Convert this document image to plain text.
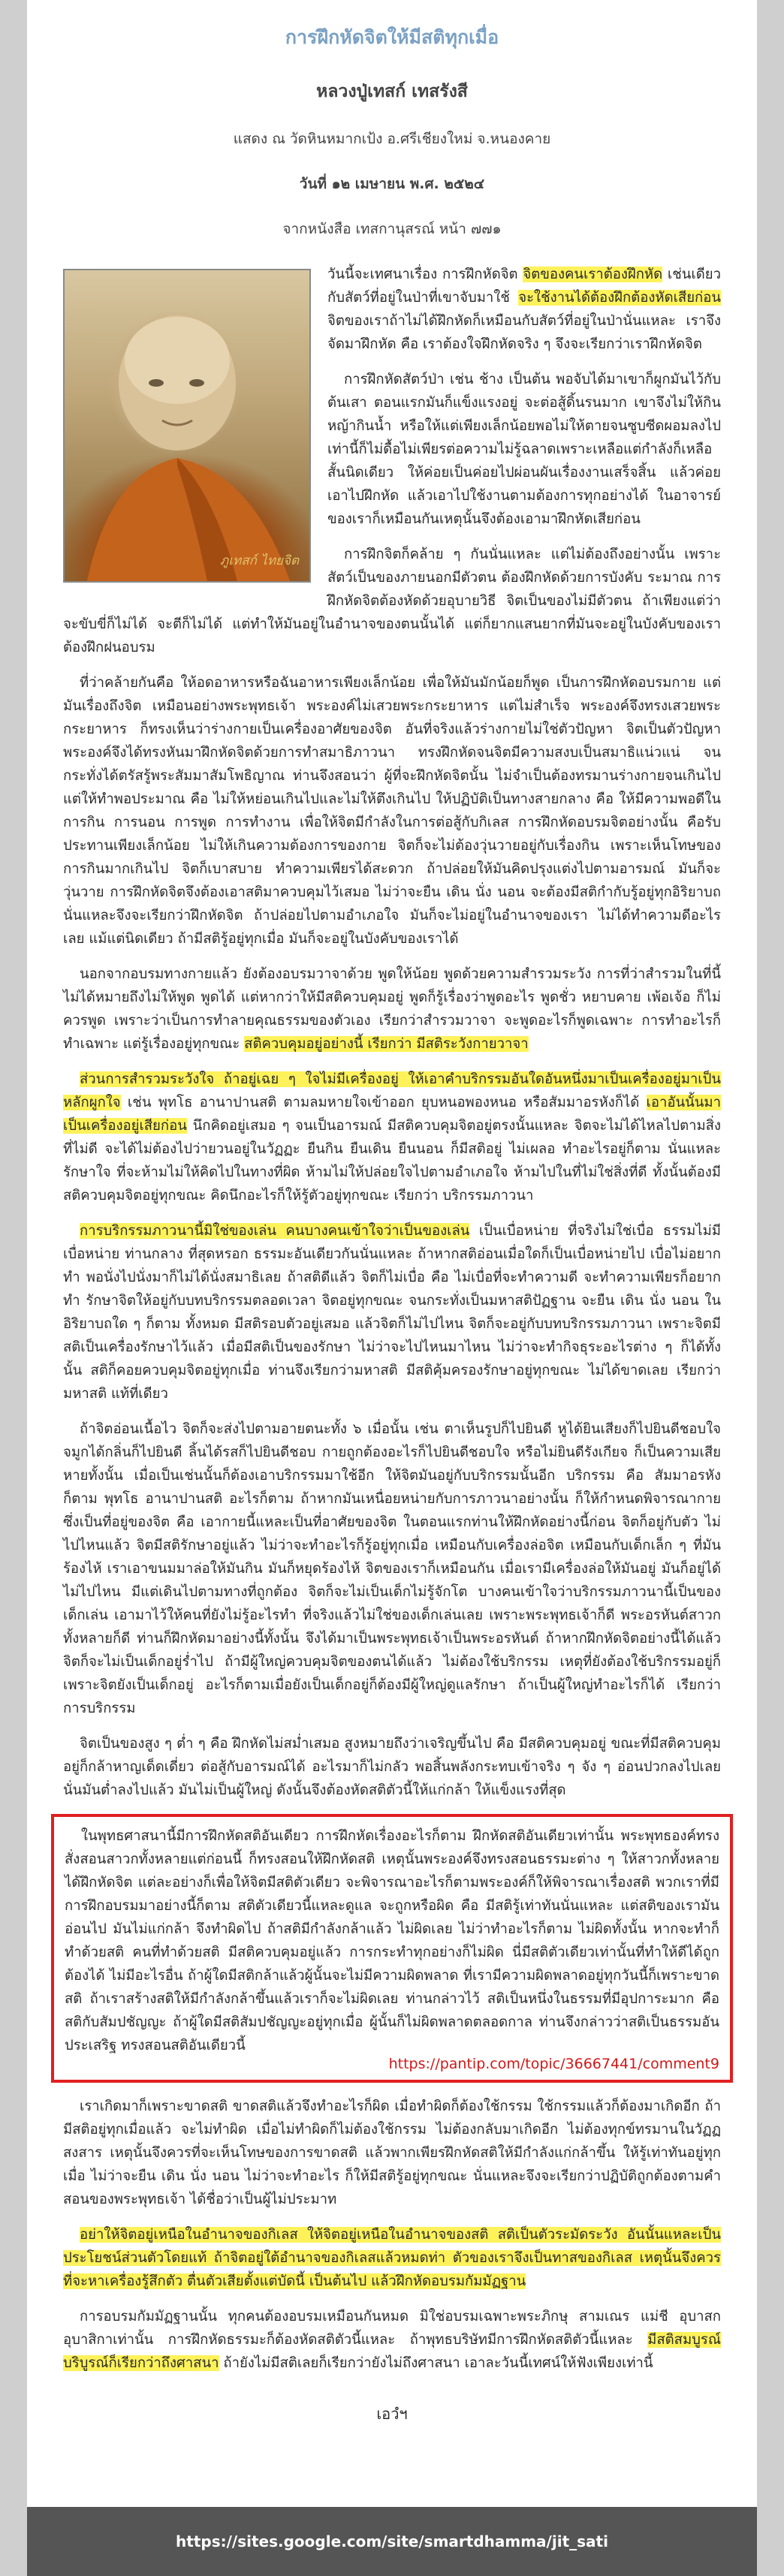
การฝึกหัดจิตให้มีสติทุกเมื่อ
หลวงปู่เทสก์ เทสรังสี
แสดง ณ วัดหินหมากเป้ง อ.ศรีเชียงใหม่ จ.หนองคาย
วันที่ ๑๒ เมษายน พ.ศ. ๒๕๒๔
จากหนังสือ เทสกานุสรณ์ หน้า ๗๗๑
ภูเทสก์ ไทยจิต

วันนี้จะเทศนาเรื่อง การฝึกหัดจิต จิตของคนเราต้องฝึกหัด เช่นเดียวกับสัตว์ที่อยู่ในป่าที่เขาจับมาใช้ จะใช้งานได้ต้องฝึกต้องหัดเสียก่อน จิตของเราถ้าไม่ได้ฝึกหัดก็เหมือนกับสัตว์ที่อยู่ในป่านั่นแหละ เราจึงจัดมาฝึกหัด คือ เราต้องใจฝึกหัดจริง ๆ จึงจะเรียกว่าเราฝึกหัดจิต

การฝึกหัดสัตว์ป่า เช่น ช้าง เป็นต้น พอจับได้มาเขาก็ผูกมันไว้กับต้นเสา ตอนแรกมันก็แข็งแรงอยู่ จะต่อสู้ดิ้นรนมาก เขาจึงไม่ให้กินหญ้ากินน้ำ หรือให้แต่เพียงเล็กน้อยพอไม่ให้ตายจนซูบซีดผอมลงไป เท่านี้ก็ไม่ดื้อไม่เพียรต่อความไม่รู้ฉลาดเพราะเหลือแต่กำลังก็เหลือสั้นนิดเดียว ให้ค่อยเป็นค่อยไปผ่อนผันเรื่องงานเสร็จสิ้น แล้วค่อยเอาไปฝึกหัด แล้วเอาไปใช้งานตามต้องการทุกอย่างได้ ในอาจารย์ของเราก็เหมือนกันเหตุนั้นจึงต้องเอามาฝึกหัดเสียก่อน

การฝึกจิตก็คล้าย ๆ กันนั่นแหละ แต่ไม่ต้องถึงอย่างนั้น เพราะสัตว์เป็นของภายนอกมีตัวตน ต้องฝึกหัดด้วยการบังคับ ระมาณ การฝึกหัดจิตต้องหัดด้วยอุบายวิธี จิตเป็นของไม่มีตัวตน ถ้าเพียงแต่ว่าจะขับขี่ก็ไม่ได้ จะตีก็ไม่ได้ แต่ทำให้มันอยู่ในอำนาจของตนนั้นได้ แต่ก็ยากแสนยากที่มันจะอยู่ในบังคับของเรา ต้องฝึกฝนอบรม

ที่ว่าคล้ายกันคือ ให้อดอาหารหรือฉันอาหารเพียงเล็กน้อย เพื่อให้มันมักน้อยก็พูด เป็นการฝึกหัดอบรมกาย แต่มันเรื่องถึงจิต เหมือนอย่างพระพุทธเจ้า พระองค์ไม่เสวยพระกระยาหาร แต่ไม่สำเร็จ พระองค์จึงทรงเสวยพระกระยาหาร ก็ทรงเห็นว่าร่างกายเป็นเครื่องอาศัยของจิต อันที่จริงแล้วร่างกายไม่ใช่ตัวปัญหา จิตเป็นตัวปัญหา พระองค์จึงได้ทรงหันมาฝึกหัดจิตด้วยการทำสมาธิภาวนา ทรงฝึกหัดจนจิตมีความสงบเป็นสมาธิแน่วแน่ จนกระทั่งได้ตรัสรู้พระสัมมาสัมโพธิญาณ ท่านจึงสอนว่า ผู้ที่จะฝึกหัดจิตนั้น ไม่จำเป็นต้องทรมานร่างกายจนเกินไป แต่ให้ทำพอประมาณ คือ ไม่ให้หย่อนเกินไปและไม่ให้ตึงเกินไป ให้ปฏิบัติเป็นทางสายกลาง คือ ให้มีความพอดีในการกิน การนอน การพูด การทำงาน เพื่อให้จิตมีกำลังในการต่อสู้กับกิเลส การฝึกหัดอบรมจิตอย่างนั้น คือรับประทานเพียงเล็กน้อย ไม่ให้เกินความต้องการของกาย จิตก็จะไม่ต้องวุ่นวายอยู่กับเรื่องกิน เพราะเห็นโทษของการกินมากเกินไป จิตก็เบาสบาย ทำความเพียรได้สะดวก ถ้าปล่อยให้มันคิดปรุงแต่งไปตามอารมณ์ มันก็จะวุ่นวาย การฝึกหัดจิตจึงต้องเอาสติมาควบคุมไว้เสมอ ไม่ว่าจะยืน เดิน นั่ง นอน จะต้องมีสติกำกับรู้อยู่ทุกอิริยาบถ นั่นแหละจึงจะเรียกว่าฝึกหัดจิต ถ้าปล่อยไปตามอำเภอใจ มันก็จะไม่อยู่ในอำนาจของเรา ไม่ได้ทำความดีอะไรเลย แม้แต่นิดเดียว ถ้ามีสติรู้อยู่ทุกเมื่อ มันก็จะอยู่ในบังคับของเราได้

นอกจากอบรมทางกายแล้ว ยังต้องอบรมวาจาด้วย พูดให้น้อย พูดด้วยความสำรวมระวัง การที่ว่าสำรวมในที่นี้ไม่ได้หมายถึงไม่ให้พูด พูดได้ แต่หากว่าให้มีสติควบคุมอยู่ พูดก็รู้เรื่องว่าพูดอะไร พูดชั่ว หยาบคาย เพ้อเจ้อ ก็ไม่ควรพูด เพราะว่าเป็นการทำลายคุณธรรมของตัวเอง เรียกว่าสำรวมวาจา จะพูดอะไรก็พูดเฉพาะ การทำอะไรก็ทำเฉพาะ แต่รู้เรื่องอยู่ทุกขณะ สติควบคุมอยู่อย่างนี้ เรียกว่า มีสติระวังกายวาจา

ส่วนการสำรวมระวังใจ ถ้าอยู่เฉย ๆ ใจไม่มีเครื่องอยู่ ให้เอาคำบริกรรมอันใดอันหนึ่งมาเป็นเครื่องอยู่มาเป็นหลักผูกใจ เช่น พุทโธ อานาปานสติ ตามลมหายใจเข้าออก ยุบหนอพองหนอ หรือสัมมาอรหังก็ได้ เอาอันนั้นมาเป็นเครื่องอยู่เสียก่อน นึกคิดอยู่เสมอ ๆ จนเป็นอารมณ์ มีสติควบคุมจิตอยู่ตรงนั้นแหละ จิตจะไม่ได้ไหลไปตามสิ่งที่ไม่ดี จะได้ไม่ต้องไปว่ายวนอยู่ในวัฏฏะ ยืนกิน ยืนเดิน ยืนนอน ก็มีสติอยู่ ไม่เผลอ ทำอะไรอยู่ก็ตาม นั่นแหละรักษาใจ ที่จะห้ามไม่ให้คิดไปในทางที่ผิด ห้ามไม่ให้ปล่อยใจไปตามอำเภอใจ ห้ามไปในที่ไม่ใช่สิ่งที่ดี ทั้งนั้นต้องมีสติควบคุมจิตอยู่ทุกขณะ คิดนึกอะไรก็ให้รู้ตัวอยู่ทุกขณะ เรียกว่า บริกรรมภาวนา

การบริกรรมภาวนานี้มิใช่ของเล่น คนบางคนเข้าใจว่าเป็นของเล่น เป็นเบื่อหน่าย ที่จริงไม่ใช่เบื่อ ธรรมไม่มีเบื่อหน่าย ท่านกลาง ที่สุดหรอก ธรรมะอันเดียวกันนั่นแหละ ถ้าหากสติอ่อนเมื่อใดก็เป็นเบื่อหน่ายไป เบื่อไม่อยากทำ พอนั่งไปนั่งมาก็ไม่ได้นั่งสมาธิเลย ถ้าสติดีแล้ว จิตก็ไม่เบื่อ คือ ไม่เบื่อที่จะทำความดี จะทำความเพียรก็อยากทำ รักษาจิตให้อยู่กับบทบริกรรมตลอดเวลา จิตอยู่ทุกขณะ จนกระทั่งเป็นมหาสติปัฏฐาน จะยืน เดิน นั่ง นอน ในอิริยาบถใด ๆ ก็ตาม ทั้งหมด มีสติรอบตัวอยู่เสมอ แล้วจิตก็ไม่ไปไหน จิตก็จะอยู่กับบทบริกรรมภาวนา เพราะจิตมีสติเป็นเครื่องรักษาไว้แล้ว เมื่อมีสติเป็นของรักษา ไม่ว่าจะไปไหนมาไหน ไม่ว่าจะทำกิจธุระอะไรต่าง ๆ ก็ได้ทั้งนั้น สติก็คอยควบคุมจิตอยู่ทุกเมื่อ ท่านจึงเรียกว่ามหาสติ มีสติคุ้มครองรักษาอยู่ทุกขณะ ไม่ได้ขาดเลย เรียกว่ามหาสติ แท้ที่เดียว

ถ้าจิตอ่อนเนื้อไว จิตก็จะส่งไปตามอายตนะทั้ง ๖ เมื่อนั้น เช่น ตาเห็นรูปก็ไปยินดี หูได้ยินเสียงก็ไปยินดีชอบใจ จมูกได้กลิ่นก็ไปยินดี ลิ้นได้รสก็ไปยินดีชอบ กายถูกต้องอะไรก็ไปยินดีชอบใจ หรือไม่ยินดีรังเกียจ ก็เป็นความเสียหายทั้งนั้น เมื่อเป็นเช่นนั้นก็ต้องเอาบริกรรมมาใช้อีก ให้จิตมันอยู่กับบริกรรมนั้นอีก บริกรรม คือ สัมมาอรหังก็ตาม พุทโธ อานาปานสติ อะไรก็ตาม ถ้าหากมันเหนื่อยหน่ายกับการภาวนาอย่างนั้น ก็ให้กำหนดพิจารณากาย ซึ่งเป็นที่อยู่ของจิต คือ เอากายนี้แหละเป็นที่อาศัยของจิต ในตอนแรกท่านให้ฝึกหัดอย่างนี้ก่อน จิตก็อยู่กับตัว ไม่ไปไหนแล้ว จิตมีสติรักษาอยู่แล้ว ไม่ว่าจะทำอะไรก็รู้อยู่ทุกเมื่อ เหมือนกับเครื่องล่อจิต เหมือนกับเด็กเล็ก ๆ ที่มันร้องไห้ เราเอาขนมมาล่อให้มันกิน มันก็หยุดร้องไห้ จิตของเราก็เหมือนกัน เมื่อเรามีเครื่องล่อให้มันอยู่ มันก็อยู่ได้ ไม่ไปไหน มีแต่เดินไปตามทางที่ถูกต้อง จิตก็จะไม่เป็นเด็กไม่รู้จักโต บางคนเข้าใจว่าบริกรรมภาวนานี้เป็นของเด็กเล่น เอามาไว้ให้คนที่ยังไม่รู้อะไรทำ ที่จริงแล้วไม่ใช่ของเด็กเล่นเลย เพราะพระพุทธเจ้าก็ดี พระอรหันต์สาวกทั้งหลายก็ดี ท่านก็ฝึกหัดมาอย่างนี้ทั้งนั้น จึงได้มาเป็นพระพุทธเจ้าเป็นพระอรหันต์ ถ้าหากฝึกหัดจิตอย่างนี้ได้แล้ว จิตก็จะไม่เป็นเด็กอยู่ร่ำไป ถ้ามีผู้ใหญ่ควบคุมจิตของตนได้แล้ว ไม่ต้องใช้บริกรรม เหตุที่ยังต้องใช้บริกรรมอยู่ก็เพราะจิตยังเป็นเด็กอยู่ อะไรก็ตามเมื่อยังเป็นเด็กอยู่ก็ต้องมีผู้ใหญ่ดูแลรักษา ถ้าเป็นผู้ใหญ่ทำอะไรก็ได้ เรียกว่า การบริกรรม

จิตเป็นของสูง ๆ ต่ำ ๆ คือ ฝึกหัดไม่สม่ำเสมอ สูงหมายถึงว่าเจริญขึ้นไป คือ มีสติควบคุมอยู่ ขณะที่มีสติควบคุมอยู่ก็กล้าหาญเด็ดเดี่ยว ต่อสู้กับอารมณ์ได้ อะไรมาก็ไม่กลัว พอสิ้นพลังกระทบเข้าจริง ๆ จัง ๆ อ่อนปวกลงไปเลย นั่นมันต่ำลงไปแล้ว มันไม่เป็นผู้ใหญ่ ดังนั้นจึงต้องหัดสติตัวนี้ให้แก่กล้า ให้แข็งแรงที่สุด

ในพุทธศาสนานี้มีการฝึกหัดสติอันเดียว การฝึกหัดเรื่องอะไรก็ตาม ฝึกหัดสติอันเดียวเท่านั้น พระพุทธองค์ทรงสั่งสอนสาวกทั้งหลายแต่ก่อนนี้ ก็ทรงสอนให้ฝึกหัดสติ เหตุนั้นพระองค์จึงทรงสอนธรรมะต่าง ๆ ให้สาวกทั้งหลายได้ฝึกหัดจิต แต่ละอย่างก็เพื่อให้จิตมีสติตัวเดียว จะพิจารณาอะไรก็ตามพระองค์ก็ให้พิจารณาเรื่องสติ พวกเราที่มีการฝึกอบรมมาอย่างนี้ก็ตาม สติตัวเดียวนี้แหละดูแล จะถูกหรือผิด คือ มีสติรู้เท่าทันนั่นแหละ แต่สติของเรามันอ่อนไป มันไม่แก่กล้า จึงทำผิดไป ถ้าสติมีกำลังกล้าแล้ว ไม่ผิดเลย ไม่ว่าทำอะไรก็ตาม ไม่ผิดทั้งนั้น หากจะทำก็ทำด้วยสติ คนที่ทำด้วยสติ มีสติควบคุมอยู่แล้ว การกระทำทุกอย่างก็ไม่ผิด นี่มีสติตัวเดียวเท่านั้นที่ทำให้ดีได้ถูกต้องได้ ไม่มีอะไรอื่น ถ้าผู้ใดมีสติกล้าแล้วผู้นั้นจะไม่มีความผิดพลาด ที่เรามีความผิดพลาดอยู่ทุกวันนี้ก็เพราะขาดสติ ถ้าเราสร้างสติให้มีกำลังกล้าขึ้นแล้วเราก็จะไม่ผิดเลย ท่านกล่าวไว้ สติเป็นหนึ่งในธรรมที่มีอุปการะมาก คือ สติกับสัมปชัญญะ ถ้าผู้ใดมีสติสัมปชัญญะอยู่ทุกเมื่อ ผู้นั้นก็ไม่ผิดพลาดตลอดกาล ท่านจึงกล่าวว่าสติเป็นธรรมอันประเสริฐ ทรงสอนสติอันเดียวนี้

https://pantip.com/topic/36667441/comment9

เราเกิดมาก็เพราะขาดสติ ขาดสติแล้วจึงทำอะไรก็ผิด เมื่อทำผิดก็ต้องใช้กรรม ใช้กรรมแล้วก็ต้องมาเกิดอีก ถ้ามีสติอยู่ทุกเมื่อแล้ว จะไม่ทำผิด เมื่อไม่ทำผิดก็ไม่ต้องใช้กรรม ไม่ต้องกลับมาเกิดอีก ไม่ต้องทุกข์ทรมานในวัฏฏสงสาร เหตุนั้นจึงควรที่จะเห็นโทษของการขาดสติ แล้วพากเพียรฝึกหัดสติให้มีกำลังแก่กล้าขึ้น ให้รู้เท่าทันอยู่ทุกเมื่อ ไม่ว่าจะยืน เดิน นั่ง นอน ไม่ว่าจะทำอะไร ก็ให้มีสติรู้อยู่ทุกขณะ นั่นแหละจึงจะเรียกว่าปฏิบัติถูกต้องตามคำสอนของพระพุทธเจ้า ได้ชื่อว่าเป็นผู้ไม่ประมาท

อย่าให้จิตอยู่เหนือในอำนาจของกิเลส ให้จิตอยู่เหนือในอำนาจของสติ สติเป็นตัวระมัดระวัง อันนั้นแหละเป็นประโยชน์ส่วนตัวโดยแท้ ถ้าจิตอยู่ใต้อำนาจของกิเลสแล้วหมดท่า ตัวของเราจึงเป็นทาสของกิเลส เหตุนั้นจึงควรที่จะหาเครื่องรู้สึกตัว ตื่นตัวเสียตั้งแต่บัดนี้ เป็นต้นไป แล้วฝึกหัดอบรมกัมมัฏฐาน

การอบรมกัมมัฏฐานนั้น ทุกคนต้องอบรมเหมือนกันหมด มิใช่อบรมเฉพาะพระภิกษุ สามเณร แม่ชี อุบาสกอุบาสิกาเท่านั้น การฝึกหัดธรรมะก็ต้องหัดสติตัวนี้แหละ ถ้าพุทธบริษัทมีการฝึกหัดสติตัวนี้แหละ มีสติสมบูรณ์บริบูรณ์ก็เรียกว่าถึงศาสนา ถ้ายังไม่มีสติเลยก็เรียกว่ายังไม่ถึงศาสนา เอาละวันนี้เทศน์ให้ฟังเพียงเท่านี้

เอวํฯ
https://sites.google.com/site/smartdhamma/jit_sati
